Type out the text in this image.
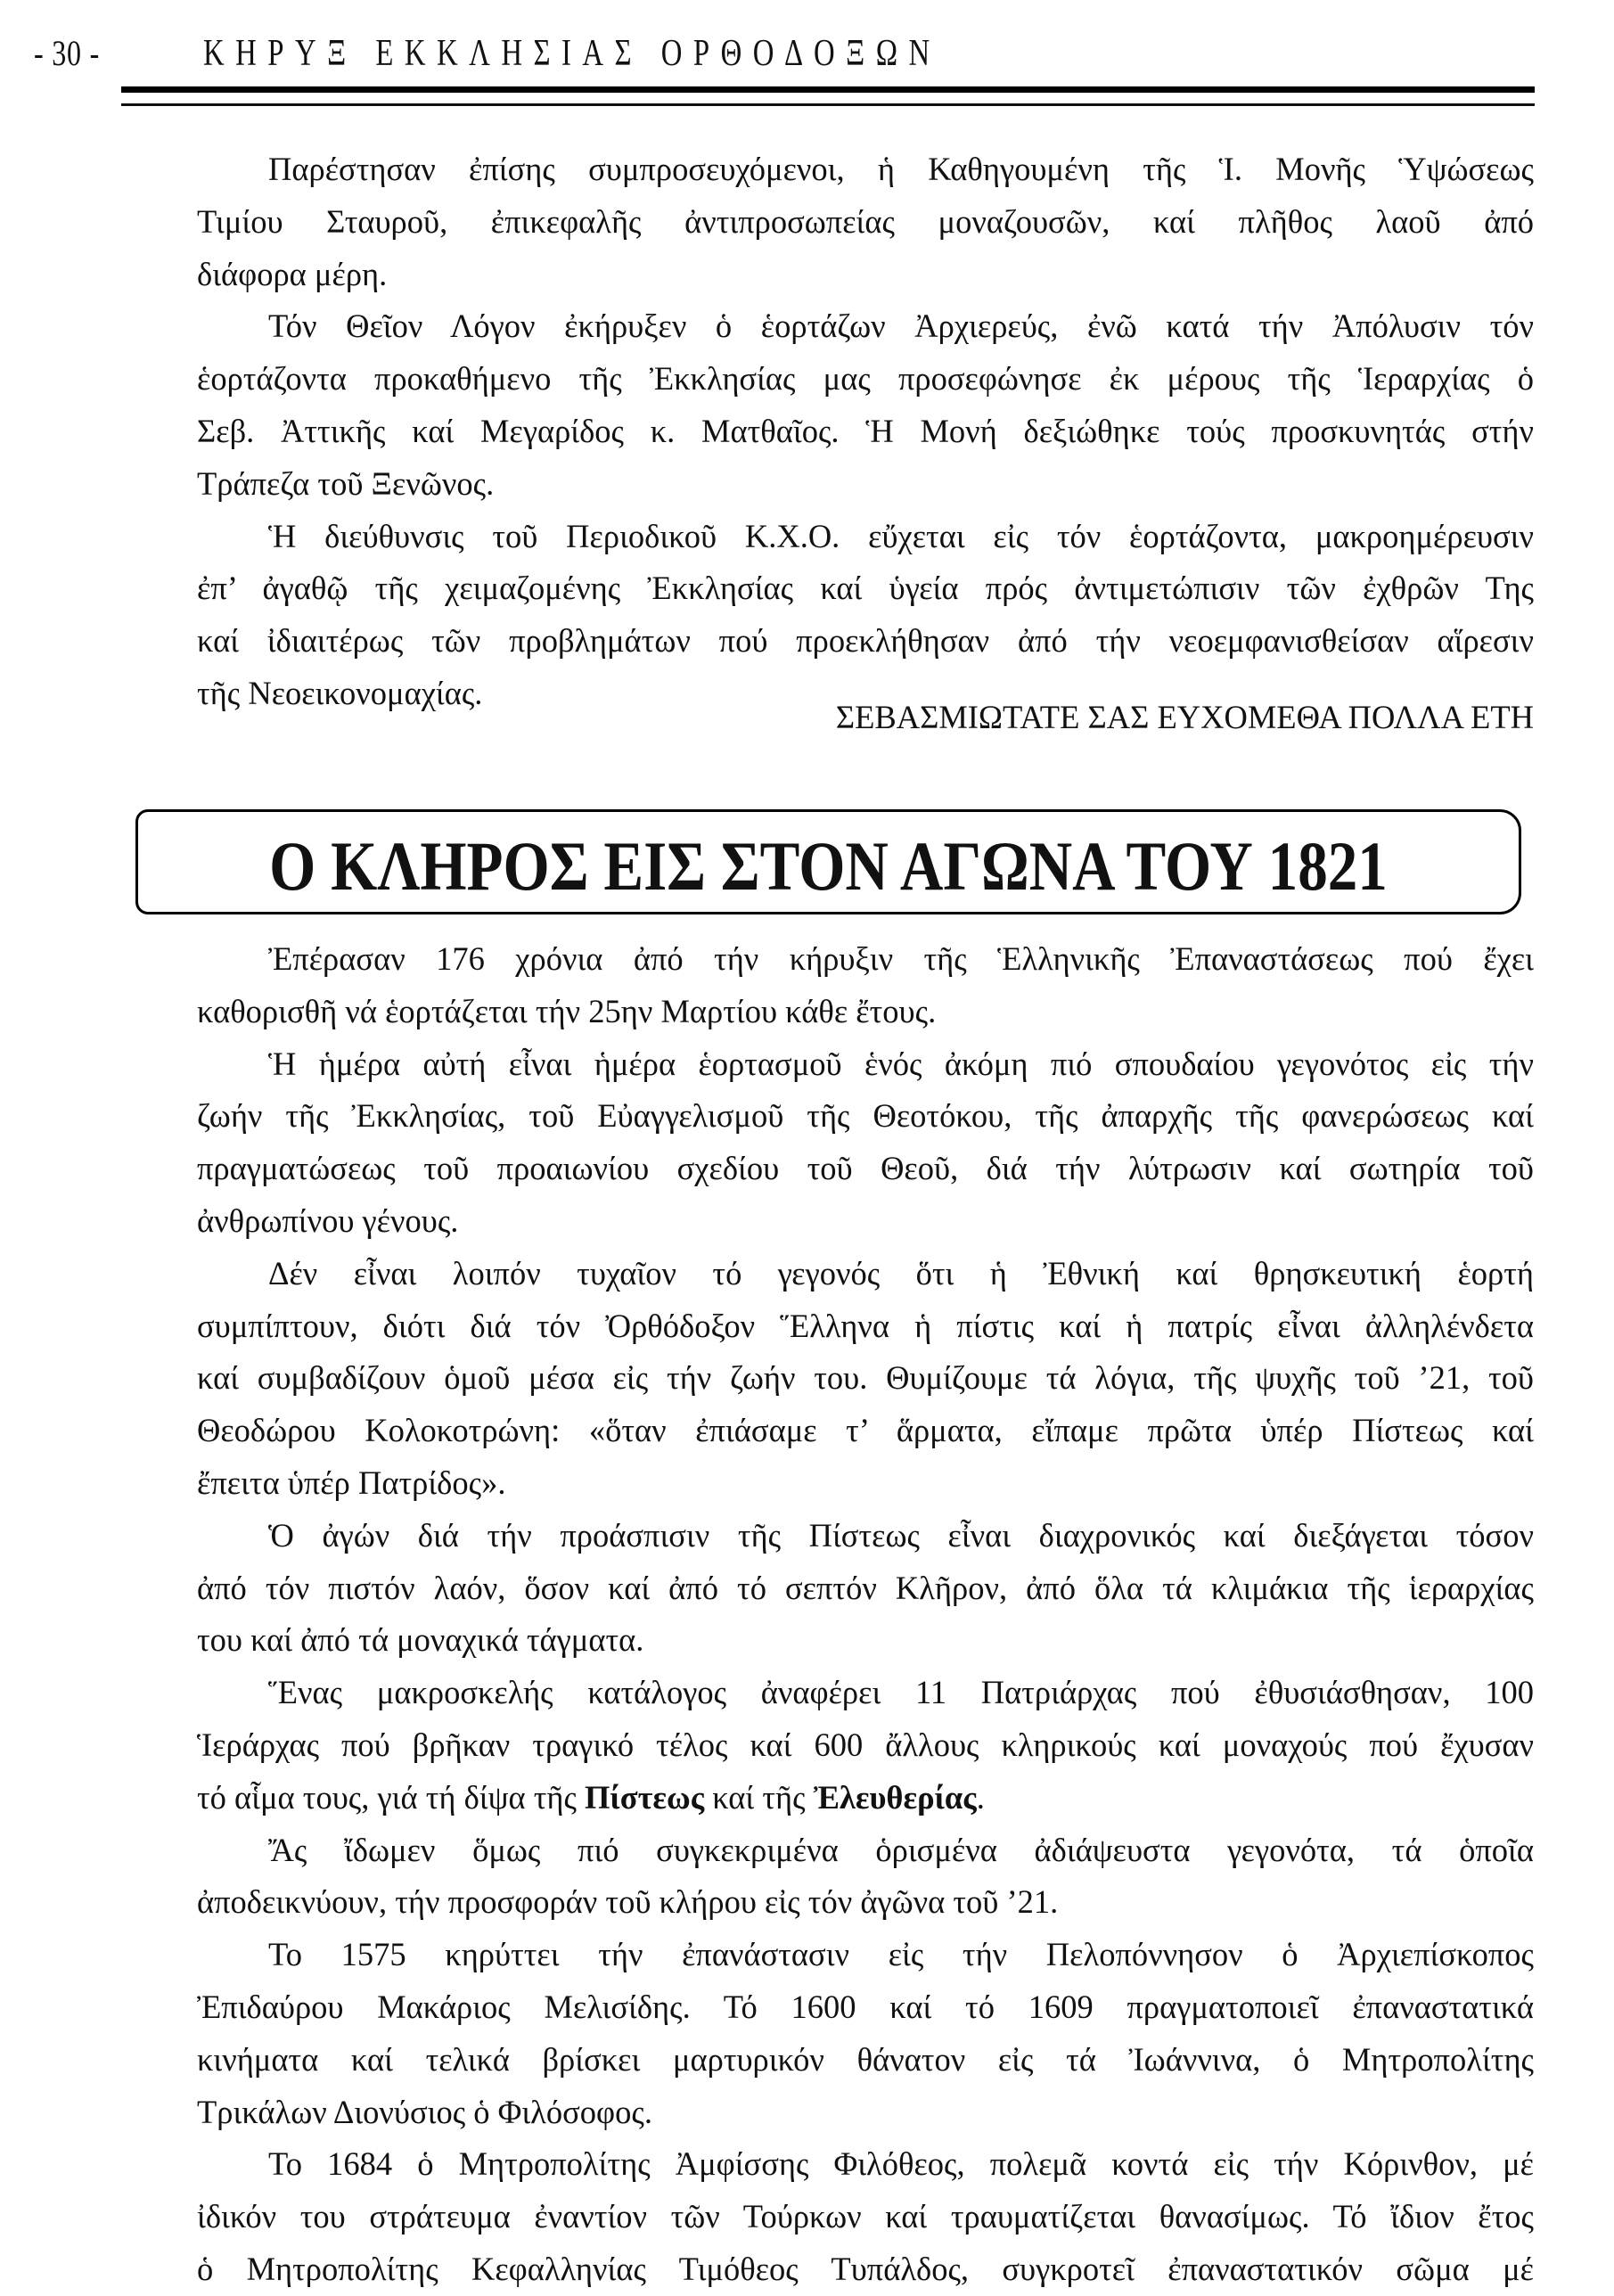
- 30 -	ΚΗΡΥΞ ΕΚΚΛΗΣΙΑΣ ΟΡΘΟΔΟΞΩΝ
Παρέστησαν ἐπίσης συμπροσευχόμενοι, ἡ Καθηγουμένη τῆς Ἱ. Μονῆς Ὑψώσεως
Τιμίου Σταυροῦ, ἐπικεφαλῆς ἀντιπροσωπείας μοναζουσῶν, καί πλῆθος λαοῦ ἀπό
διάφορα μέρη.
Τόν Θεῖον Λόγον ἐκήρυξεν ὁ ἑορτάζων Ἀρχιερεύς, ἐνῶ κατά τήν Ἀπόλυσιν τόν
ἑορτάζοντα προκαθήμενο τῆς Ἐκκλησίας μας προσεφώνησε ἐκ μέρους τῆς Ἱεραρχίας ὁ
Σεβ. Ἀττικῆς καί Μεγαρίδος κ. Ματθαῖος. Ἡ Μονή δεξιώθηκε τούς προσκυνητάς στήν
Τράπεζα τοῦ Ξενῶνος.
Ἡ διεύθυνσις τοῦ Περιοδικοῦ Κ.Χ.Ο. εὔχεται εἰς τόν ἑορτάζοντα, μακροημέρευσιν
ἐπ’ ἀγαθῷ τῆς χειμαζομένης Ἐκκλησίας καί ὑγεία πρός ἀντιμετώπισιν τῶν ἐχθρῶν Της
καί ἰδιαιτέρως τῶν προβλημάτων πού προεκλήθησαν ἀπό τήν νεοεμφανισθείσαν αἵρεσιν
τῆς Νεοεικονομαχίας.
ΣΕΒΑΣΜΙΩΤΑΤΕ ΣΑΣ ΕΥΧΟΜΕΘΑ ΠΟΛΛΑ ΕΤΗ
Ο ΚΛΗΡΟΣ ΕΙΣ ΣΤΟΝ ΑΓΩΝΑ ΤΟΥ 1821
Ἐπέρασαν 176 χρόνια ἀπό τήν κήρυξιν τῆς Ἑλληνικῆς Ἐπαναστάσεως πού ἔχει
καθορισθῆ νά ἑορτάζεται τήν 25ην Μαρτίου κάθε ἔτους.
Ἡ ἡμέρα αὐτή εἶναι ἡμέρα ἑορτασμοῦ ἑνός ἀκόμη πιό σπουδαίου γεγονότος εἰς τήν
ζωήν τῆς Ἐκκλησίας, τοῦ Εὐαγγελισμοῦ τῆς Θεοτόκου, τῆς ἀπαρχῆς τῆς φανερώσεως καί
πραγματώσεως τοῦ προαιωνίου σχεδίου τοῦ Θεοῦ, διά τήν λύτρωσιν καί σωτηρία τοῦ
ἀνθρωπίνου γένους.
Δέν εἶναι λοιπόν τυχαῖον τό γεγονός ὅτι ἡ Ἐθνική καί θρησκευτική ἑορτή
συμπίπτουν, διότι διά τόν Ὀρθόδοξον Ἕλληνα ἡ πίστις καί ἡ πατρίς εἶναι ἀλληλένδετα
καί συμβαδίζουν ὁμοῦ μέσα εἰς τήν ζωήν του. Θυμίζουμε τά λόγια, τῆς ψυχῆς τοῦ ’21, τοῦ
Θεοδώρου Κολοκοτρώνη: «ὅταν ἐπιάσαμε τ’ ἅρματα, εἴπαμε πρῶτα ὑπέρ Πίστεως καί
ἔπειτα ὑπέρ Πατρίδος».
Ὁ ἀγών διά τήν προάσπισιν τῆς Πίστεως εἶναι διαχρονικός καί διεξάγεται τόσον
ἀπό τόν πιστόν λαόν, ὅσον καί ἀπό τό σεπτόν Κλῆρον, ἀπό ὅλα τά κλιμάκια τῆς ἱεραρχίας
του καί ἀπό τά μοναχικά τάγματα.
Ἕνας μακροσκελής κατάλογος ἀναφέρει 11 Πατριάρχας πού ἐθυσιάσθησαν, 100
Ἱεράρχας πού βρῆκαν τραγικό τέλος καί 600 ἄλλους κληρικούς καί μοναχούς πού ἔχυσαν
τό αἷμα τους, γιά τή δίψα τῆς Πίστεως καί τῆς Ἐλευθερίας.
Ἄς ἴδωμεν ὅμως πιό συγκεκριμένα ὁρισμένα ἀδιάψευστα γεγονότα, τά ὁποῖα
ἀποδεικνύουν, τήν προσφοράν τοῦ κλήρου εἰς τόν ἀγῶνα τοῦ ’21.
Το 1575 κηρύττει τήν ἐπανάστασιν εἰς τήν Πελοπόννησον ὁ Ἀρχιεπίσκοπος
Ἐπιδαύρου Μακάριος Μελισίδης. Τό 1600 καί τό 1609 πραγματοποιεῖ ἐπαναστατικά
κινήματα καί τελικά βρίσκει μαρτυρικόν θάνατον εἰς τά Ἰωάννινα, ὁ Μητροπολίτης
Τρικάλων Διονύσιος ὁ Φιλόσοφος.
Το 1684 ὁ Μητροπολίτης Ἀμφίσσης Φιλόθεος, πολεμᾶ κοντά εἰς τήν Κόρινθον, μέ
ἰδικόν του στράτευμα ἐναντίον τῶν Τούρκων καί τραυματίζεται θανασίμως. Τό ἴδιον ἔτος
ὁ Μητροπολίτης Κεφαλληνίας Τιμόθεος Τυπάλδος, συγκροτεῖ ἐπαναστατικόν σῶμα μέ
